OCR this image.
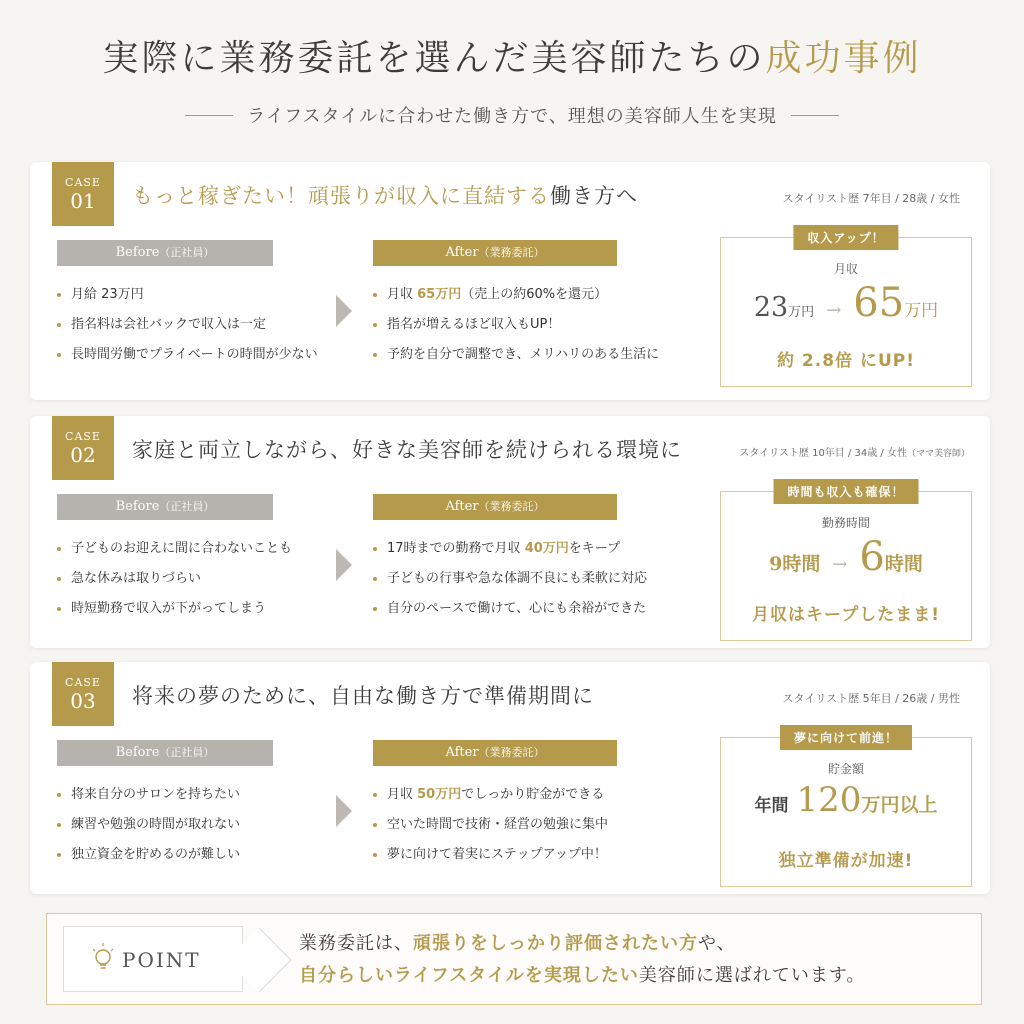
実際に業務委託を選んだ美容師たちの成功事例
ライフスタイルに合わせた働き方で、理想の美容師人生を実現
CASE
01	もっと稼ぎたい！頑張りが収入に直結する働き方へ	スタイリスト歴 7年目 / 28歳 / 女性
Before（正社員）	After（業務委託）
月給 23万円
指名料は会社バックで収入は一定
長時間労働でプライベートの時間が少ない
月収 65万円（売上の約60%を還元）
指名が増えるほど収入もUP！
予約を自分で調整でき、メリハリのある生活に
収入アップ！
月収
23万円 → 65万円
約 2.8倍 にUP!
CASE
02	家庭と両立しながら、好きな美容師を続けられる環境に	スタイリスト歴 10年目 / 34歳 / 女性（ママ美容師）
Before（正社員）	After（業務委託）
子どものお迎えに間に合わないことも
急な休みは取りづらい
時短勤務で収入が下がってしまう
17時までの勤務で月収 40万円をキープ
子どもの行事や急な体調不良にも柔軟に対応
自分のペースで働けて、心にも余裕ができた
時間も収入も確保！
勤務時間
9時間 → 6時間
月収はキープしたまま!
CASE
03	将来の夢のために、自由な働き方で準備期間に	スタイリスト歴 5年目 / 26歳 / 男性
Before（正社員）	After（業務委託）
将来自分のサロンを持ちたい
練習や勉強の時間が取れない
独立資金を貯めるのが難しい
月収 50万円でしっかり貯金ができる
空いた時間で技術・経営の勉強に集中
夢に向けて着実にステップアップ中！
夢に向けて前進！
貯金額
年間 120万円以上
独立準備が加速!
POINT
業務委託は、頑張りをしっかり評価されたい方や、
自分らしいライフスタイルを実現したい美容師に選ばれています。
